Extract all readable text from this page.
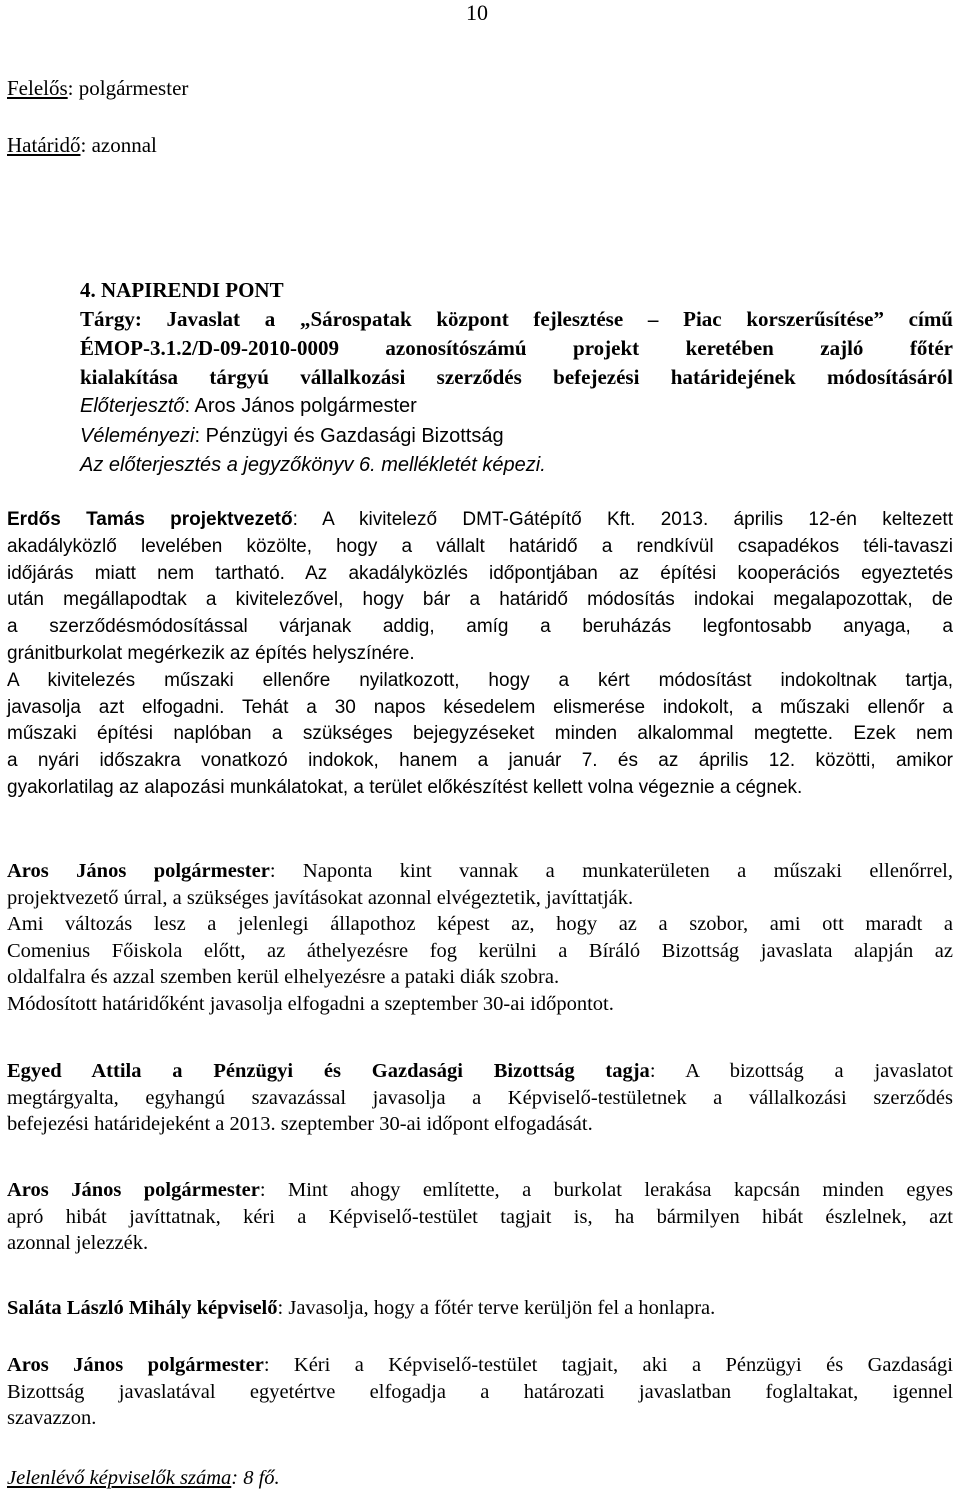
10
Felelős: polgármester
Határidő: azonnal
4. NAPIRENDI PONT
Tárgy: Javaslat a „Sárospatak központ fejlesztése – Piac korszerűsítése” című
ÉMOP-3.1.2/D-09-2010-0009 azonosítószámú projekt keretében zajló főtér
kialakítása tárgyú vállalkozási szerződés befejezési határidejének módosításáról
Előterjesztő: Aros János polgármester
Véleményezi: Pénzügyi és Gazdasági Bizottság
Az előterjesztés a jegyzőkönyv 6. mellékletét képezi.
Erdős Tamás projektvezető: A kivitelező DMT-Gátépítő Kft. 2013. április 12-én keltezett
akadályközlő levelében közölte, hogy a vállalt határidő a rendkívül csapadékos téli-tavaszi
időjárás miatt nem tartható. Az akadályközlés időpontjában az építési kooperációs egyeztetés
után megállapodtak a kivitelezővel, hogy bár a határidő módosítás indokai megalapozottak, de
a szerződésmódosítással várjanak addig, amíg a beruházás legfontosabb anyaga, a
gránitburkolat megérkezik az építés helyszínére.
A kivitelezés műszaki ellenőre nyilatkozott, hogy a kért módosítást indokoltnak tartja,
javasolja azt elfogadni. Tehát a 30 napos késedelem elismerése indokolt, a műszaki ellenőr a
műszaki építési naplóban a szükséges bejegyzéseket minden alkalommal megtette. Ezek nem
a nyári időszakra vonatkozó indokok, hanem a január 7. és az április 12. közötti, amikor
gyakorlatilag az alapozási munkálatokat, a terület előkészítést kellett volna végeznie a cégnek.
Aros János polgármester: Naponta kint vannak a munkaterületen a műszaki ellenőrrel,
projektvezető úrral, a szükséges javításokat azonnal elvégeztetik, javíttatják.
Ami változás lesz a jelenlegi állapothoz képest az, hogy az a szobor, ami ott maradt a
Comenius Főiskola előtt, az áthelyezésre fog kerülni a Bíráló Bizottság javaslata alapján az
oldalfalra és azzal szemben kerül elhelyezésre a pataki diák szobra.
Módosított határidőként javasolja elfogadni a szeptember 30-ai időpontot.
Egyed Attila a Pénzügyi és Gazdasági Bizottság tagja: A bizottság a javaslatot
megtárgyalta, egyhangú szavazással javasolja a Képviselő-testületnek a vállalkozási szerződés
befejezési határidejeként a 2013. szeptember 30-ai időpont elfogadását.
Aros János polgármester: Mint ahogy említette, a burkolat lerakása kapcsán minden egyes
apró hibát javíttatnak, kéri a Képviselő-testület tagjait is, ha bármilyen hibát észlelnek, azt
azonnal jelezzék.
Saláta László Mihály képviselő: Javasolja, hogy a főtér terve kerüljön fel a honlapra.
Aros János polgármester: Kéri a Képviselő-testület tagjait, aki a Pénzügyi és Gazdasági
Bizottság javaslatával egyetértve elfogadja a határozati javaslatban foglaltakat, igennel
szavazzon.
Jelenlévő képviselők száma: 8 fő.
